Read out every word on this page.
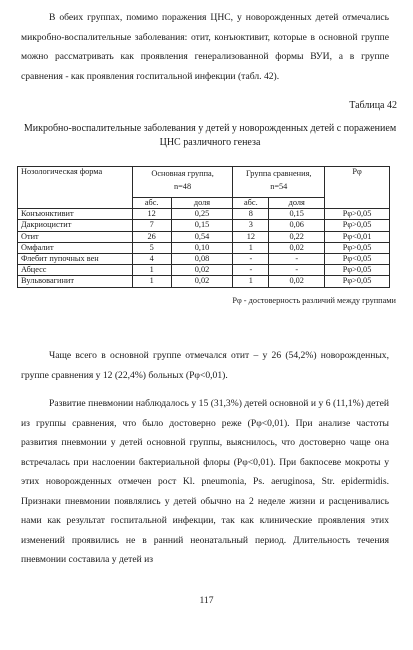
В обеих группах, помимо поражения ЦНС, у новорожденных детей отмечались микробно-воспалительные заболевания: отит, конъюктивит, которые в основной группе можно рассматривать как проявления генерализованной формы ВУИ, а в группе сравнения - как проявления госпитальной инфекции (табл. 42).

Таблица 42

Микробно-воспалительные заболевания у детей у новорожденных детей с поражением ЦНС различного генеза

Нозологическая форма	Основная группа,
n=48		Группа сравнения,
n=54		Рφ
	абс.	доля	абс.	доля	
Конъюнктивит	12	0,25	8	0,15	Рφ>0,05
Дакриоцистит	7	0,15	3	0,06	Рφ>0,05
Отит	26	0,54	12	0,22	Рφ<0,01
Омфалит	5	0,10	1	0,02	Рφ>0,05
Флебит пупочных вен	4	0,08	-	-	Рφ<0,05
Абцесс	1	0,02	-	-	Рφ>0,05
Вульвовагинит	1	0,02	1	0,02	Рφ>0,05

Рφ - достоверность различий между группами

Чаще всего в основной группе отмечался отит – у 26 (54,2%) новорожденных, группе сравнения у 12 (22,4%) больных (Рφ<0,01).

Развитие пневмонии наблюдалось у 15 (31,3%) детей основной и у 6 (11,1%) детей из группы сравнения, что было достоверно реже (Рφ<0,01). При анализе частоты развития пневмонии у детей основной группы, выяснилось, что достоверно чаще она встречалась при наслоении бактериальной флоры (Рφ<0,01). При бакпосеве мокроты у этих новорожденных отмечен рост Kl. pneumonia, Ps. aeruginosa, Str. epidermidis. Признаки пневмонии появлялись у детей обычно на 2 неделе жизни и расценивались нами как результат госпитальной инфекции, так как клинические проявления этих изменений проявились не в ранний неонатальный период. Длительность течения пневмонии составила у детей из

117
